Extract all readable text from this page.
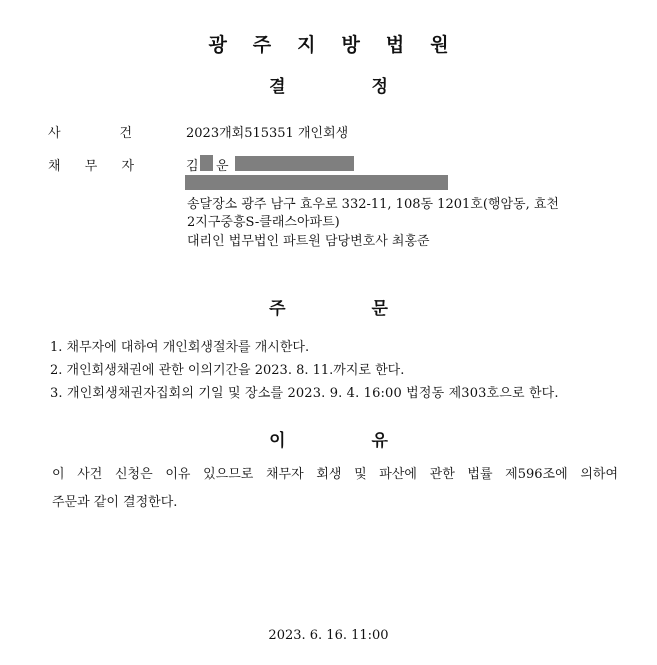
광주지방법원
결정
사	건	2023개회515351 개인회생
채 무 자	김 운
송달장소 광주 남구 효우로 332-11, 108동 1201호(행암동, 효천
2지구중흥S-클래스아파트)
대리인 법무법인 파트원 담당변호사 최홍준
주문
1. 채무자에 대하여 개인회생절차를 개시한다.
2. 개인회생채권에 관한 이의기간을 2023. 8. 11.까지로 한다.
3. 개인회생채권자집회의 기일 및 장소를 2023. 9. 4. 16:00 법정동 제303호으로 한다.
이유
이 사건 신청은 이유 있으므로 채무자 회생 및 파산에 관한 법률 제596조에 의하여
주문과 같이 결정한다.
2023. 6. 16. 11:00
